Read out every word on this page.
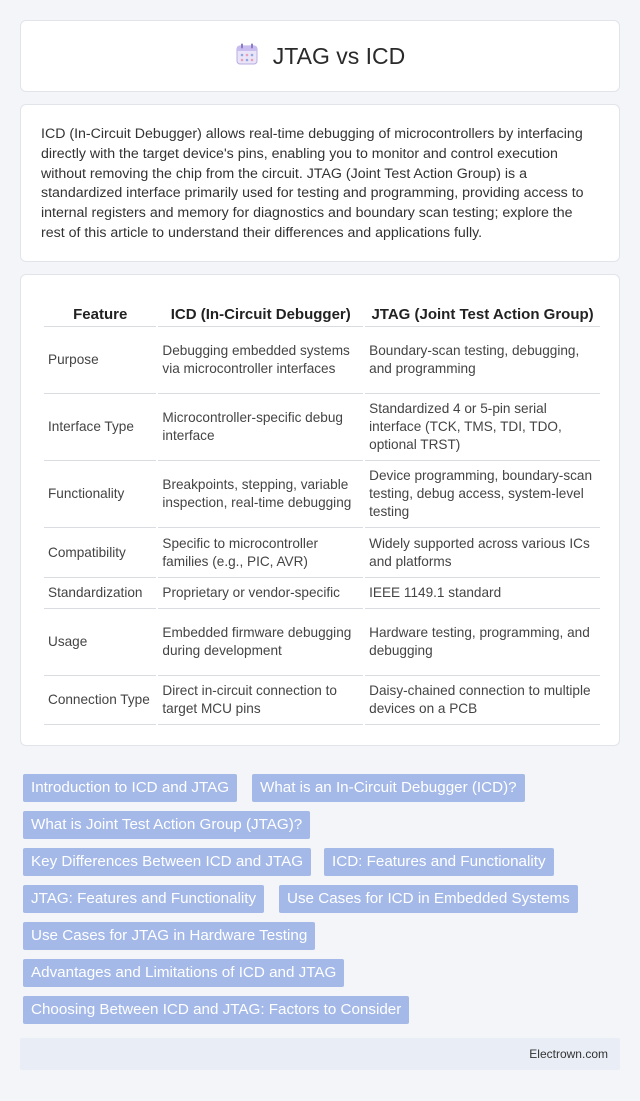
JTAG vs ICD

ICD (In-Circuit Debugger) allows real-time debugging of microcontrollers by interfacing directly with the target device's pins, enabling you to monitor and control execution without removing the chip from the circuit. JTAG (Joint Test Action Group) is a standardized interface primarily used for testing and programming, providing access to internal registers and memory for diagnostics and boundary scan testing; explore the rest of this article to understand their differences and applications fully.

Feature	ICD (In-Circuit Debugger)	JTAG (Joint Test Action Group)
Purpose	Debugging embedded systems via microcontroller interfaces	Boundary-scan testing, debugging, and programming
Interface Type	Microcontroller-specific debug interface	Standardized 4 or 5-pin serial interface (TCK, TMS, TDI, TDO, optional TRST)
Functionality	Breakpoints, stepping, variable inspection, real-time debugging	Device programming, boundary-scan testing, debug access, system-level testing
Compatibility	Specific to microcontroller families (e.g., PIC, AVR)	Widely supported across various ICs and platforms
Standardization	Proprietary or vendor-specific	IEEE 1149.1 standard
Usage	Embedded firmware debugging during development	Hardware testing, programming, and debugging
Connection Type	Direct in-circuit connection to target MCU pins	Daisy-chained connection to multiple devices on a PCB
Introduction to ICD and JTAG	What is an In-Circuit Debugger (ICD)?
What is Joint Test Action Group (JTAG)?
Key Differences Between ICD and JTAG	ICD: Features and Functionality
JTAG: Features and Functionality	Use Cases for ICD in Embedded Systems
Use Cases for JTAG in Hardware Testing
Advantages and Limitations of ICD and JTAG
Choosing Between ICD and JTAG: Factors to Consider
Electrown.com
